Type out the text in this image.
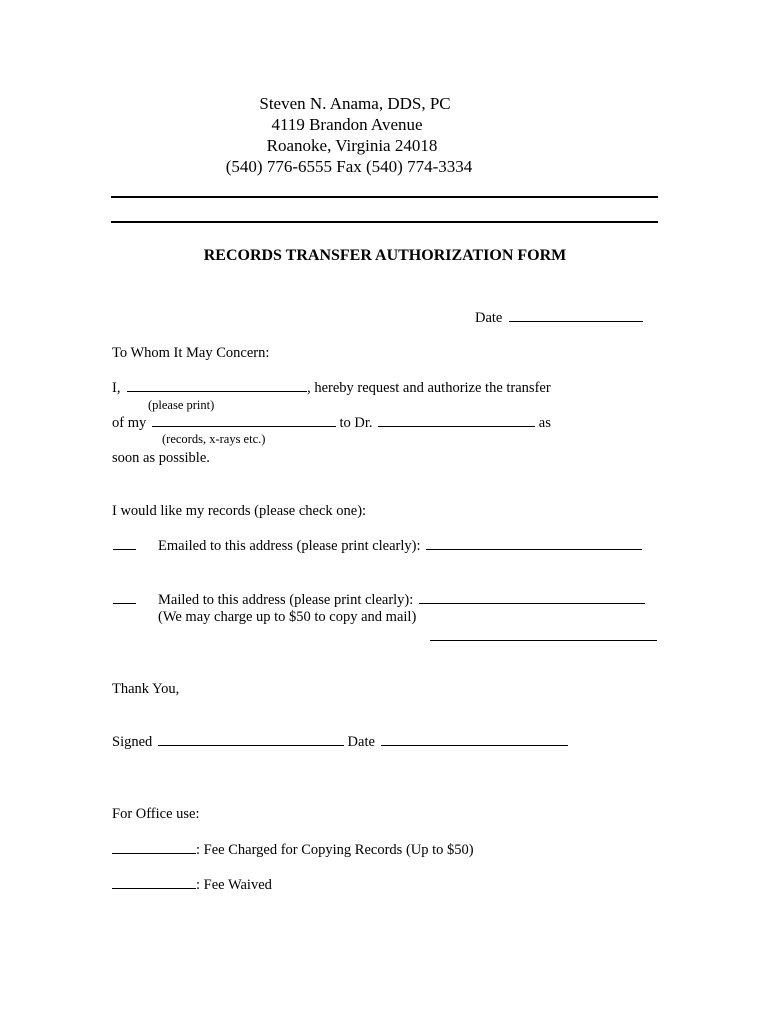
Steven N. Anama, DDS, PC
4119 Brandon Avenue
Roanoke, Virginia 24018
(540) 776-6555 Fax (540) 774-3334
RECORDS TRANSFER AUTHORIZATION FORM
Date
To Whom It May Concern:
I,	, hereby request and authorize the transfer
(please print)
of my	to Dr.	as
(records, x-rays etc.)
soon as possible.
I would like my records (please check one):
Emailed to this address (please print clearly):
Mailed to this address (please print clearly):
(We may charge up to $50 to copy and mail)
Thank You,
Signed	Date
For Office use:
: Fee Charged for Copying Records (Up to $50)
: Fee Waived
